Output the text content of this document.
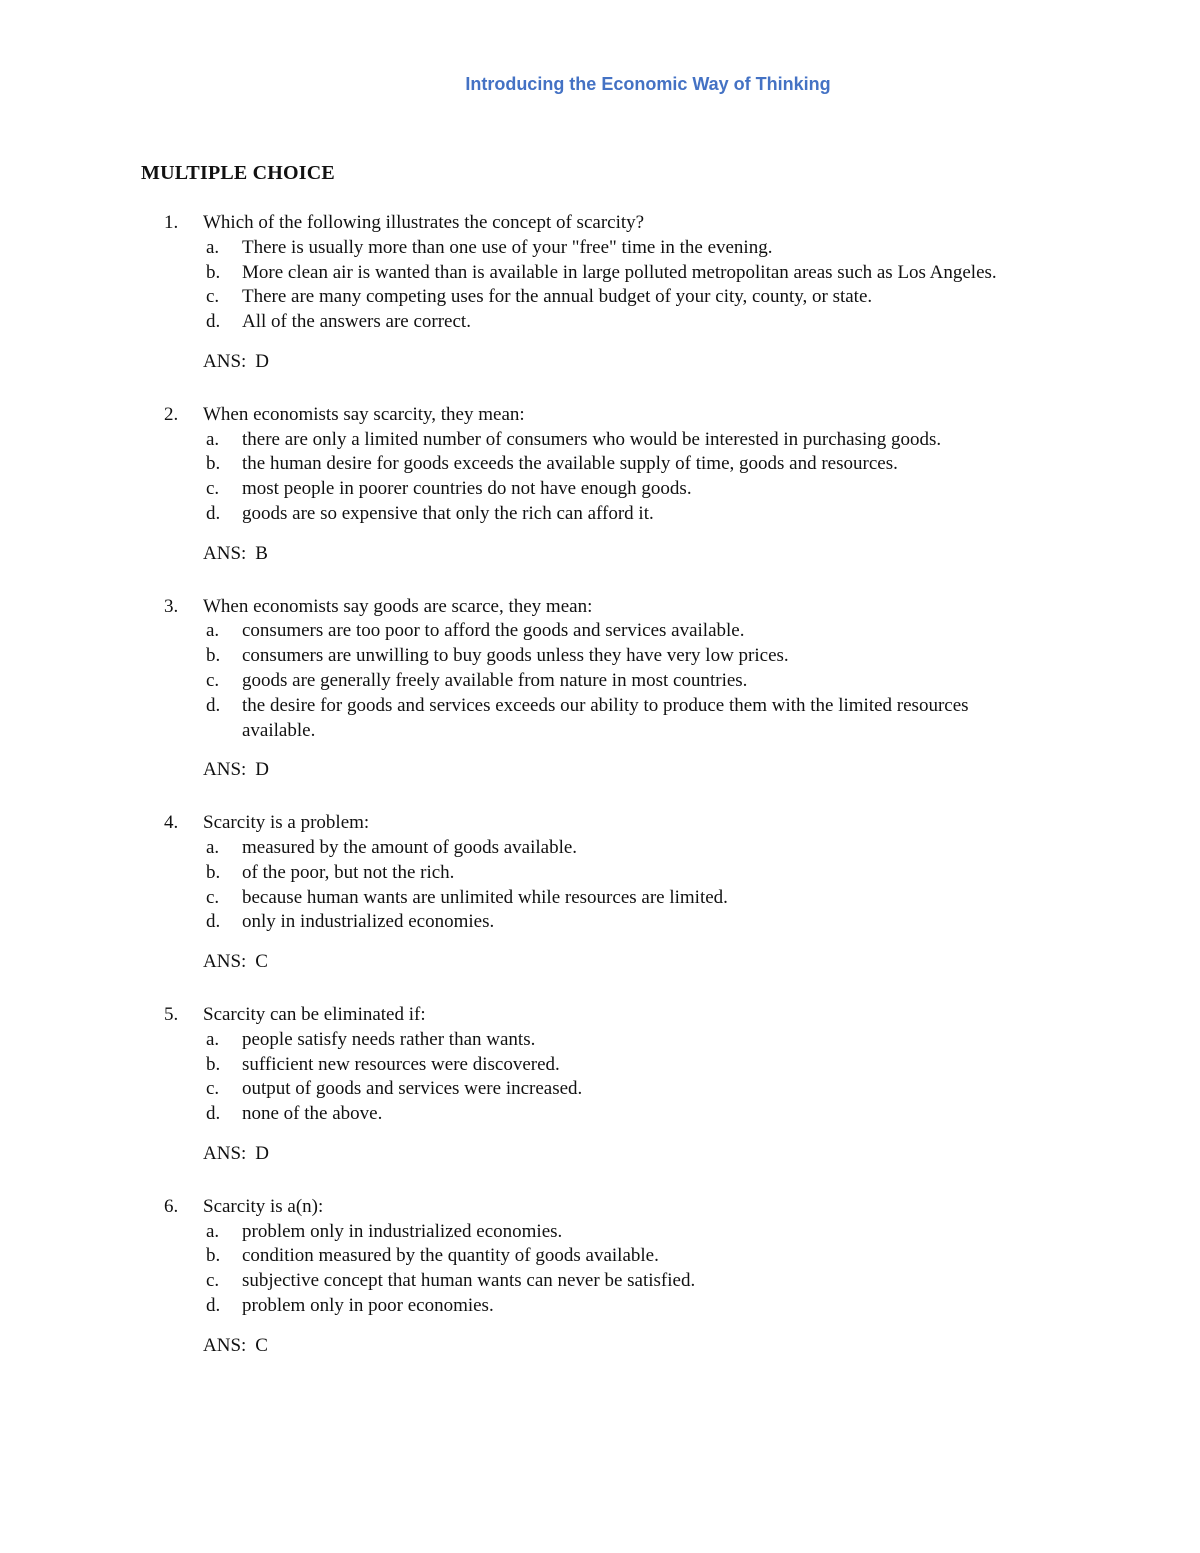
Introducing the Economic Way of Thinking
MULTIPLE CHOICE
1.	Which of the following illustrates the concept of scarcity?
a. There is usually more than one use of your "free" time in the evening.
b. More clean air is wanted than is available in large polluted metropolitan areas such as Los Angeles.
c. There are many competing uses for the annual budget of your city, county, or state.
d. All of the answers are correct.
ANS: D
2.	When economists say scarcity, they mean:
a. there are only a limited number of consumers who would be interested in purchasing goods.
b. the human desire for goods exceeds the available supply of time, goods and resources.
c. most people in poorer countries do not have enough goods.
d. goods are so expensive that only the rich can afford it.
ANS: B
3.	When economists say goods are scarce, they mean:
a. consumers are too poor to afford the goods and services available.
b. consumers are unwilling to buy goods unless they have very low prices.
c. goods are generally freely available from nature in most countries.
d. the desire for goods and services exceeds our ability to produce them with the limited resources available.
ANS: D
4.	Scarcity is a problem:
a. measured by the amount of goods available.
b. of the poor, but not the rich.
c. because human wants are unlimited while resources are limited.
d. only in industrialized economies.
ANS: C
5.	Scarcity can be eliminated if:
a. people satisfy needs rather than wants.
b. sufficient new resources were discovered.
c. output of goods and services were increased.
d. none of the above.
ANS: D
6.	Scarcity is a(n):
a. problem only in industrialized economies.
b. condition measured by the quantity of goods available.
c. subjective concept that human wants can never be satisfied.
d. problem only in poor economies.
ANS: C
